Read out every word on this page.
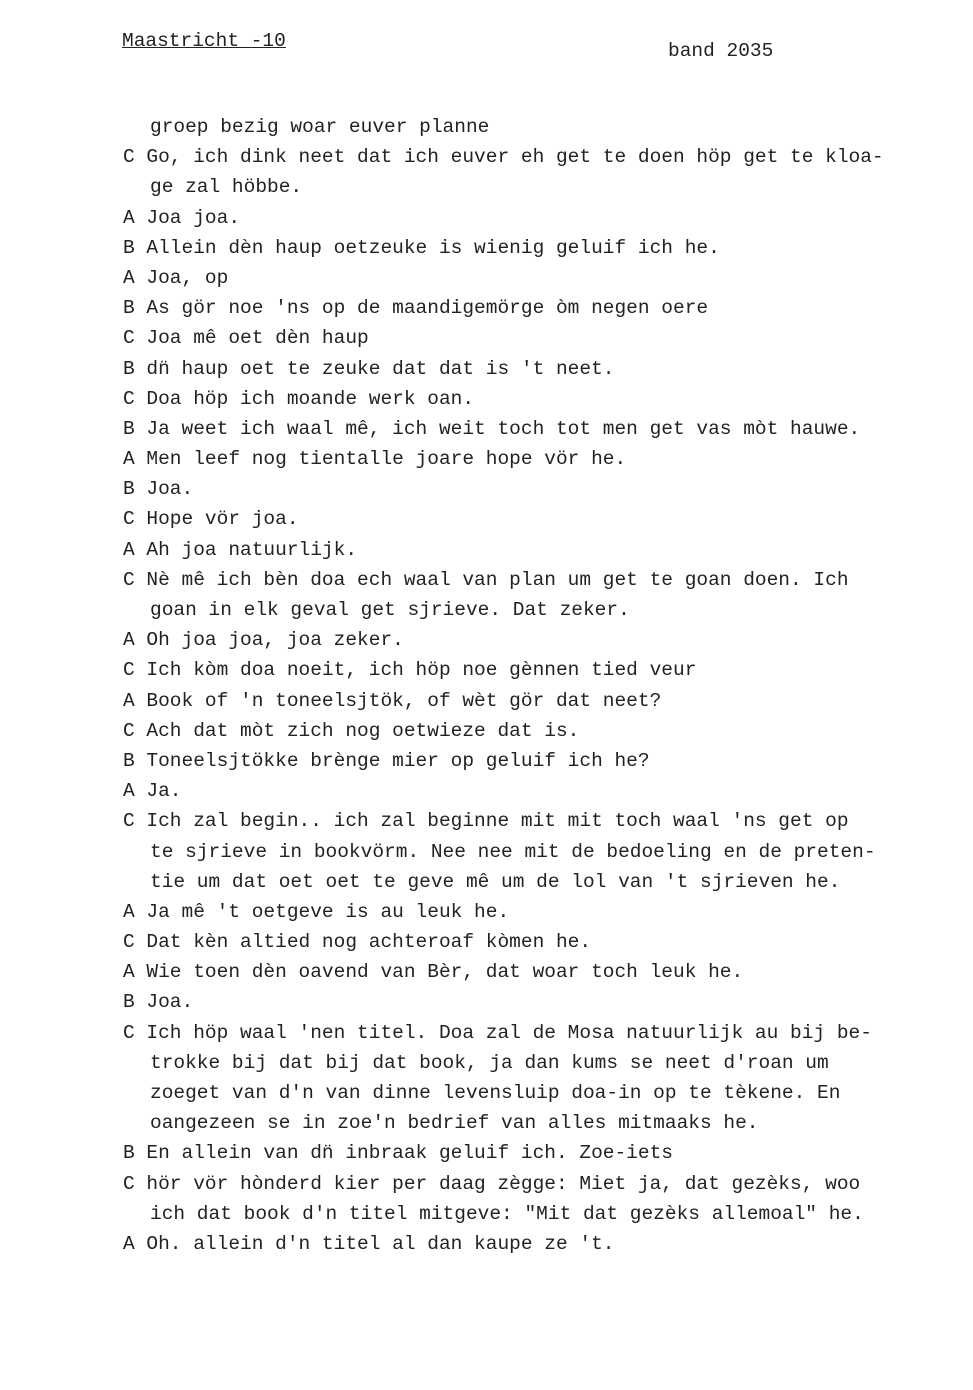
Maastricht -10	band 2035
groep bezig woar euver planne
C Go, ich dink neet dat ich euver eh get te doen höp get te kloa-
ge zal höbbe.
A Joa joa.
B Allein dèn haup oetzeuke is wienig geluif ich he.
A Joa, op
B As gör noe 'ns op de maandigemörge òm negen oere
C Joa mê oet dèn haup
B dn̈ haup oet te zeuke dat dat is 't neet.
C Doa höp ich moande werk oan.
B Ja weet ich waal mê, ich weit toch tot men get vas mòt hauwe.
A Men leef nog tientalle joare hope vör he.
B Joa.
C Hope vör joa.
A Ah joa natuurlijk.
C Nè mê ich bèn doa ech waal van plan um get te goan doen. Ich
goan in elk geval get sjrieve. Dat zeker.
A Oh joa joa, joa zeker.
C Ich kòm doa noeit, ich höp noe gènnen tied veur
A Book of 'n toneelsjtök, of wèt gör dat neet?
C Ach dat mòt zich nog oetwieze dat is.
B Toneelsjtökke brènge mier op geluif ich he?
A Ja.
C Ich zal begin.. ich zal beginne mit mit toch waal 'ns get op
te sjrieve in bookvörm. Nee nee mit de bedoeling en de preten-
tie um dat oet oet te geve mê um de lol van 't sjrieven he.
A Ja mê 't oetgeve is au leuk he.
C Dat kèn altied nog achteroaf kòmen he.
A Wie toen dèn oavend van Bèr, dat woar toch leuk he.
B Joa.
C Ich höp waal 'nen titel. Doa zal de Mosa natuurlijk au bij be-
trokke bij dat bij dat book, ja dan kums se neet d'roan um
zoeget van d'n van dinne levensluip doa-in op te tèkene. En
oangezeen se in zoe'n bedrief van alles mitmaaks he.
B En allein van dn̈ inbraak geluif ich. Zoe-iets
C hör vör hònderd kier per daag zègge: Miet ja, dat gezèks, woo
ich dat book d'n titel mitgeve: "Mit dat gezèks allemoal" he.
A Oh. allein d'n titel al dan kaupe ze 't.
